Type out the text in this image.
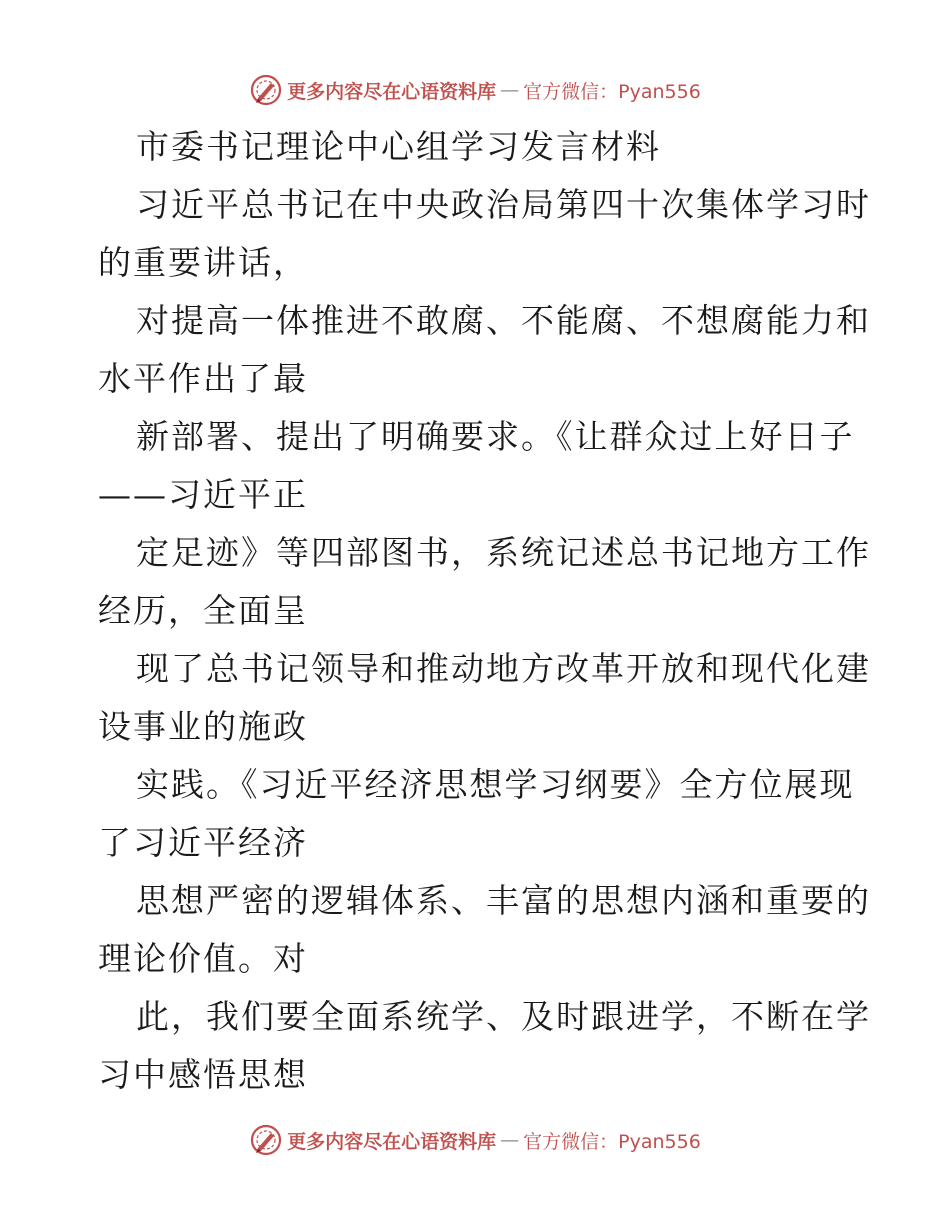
更多内容尽在心语资料库 — 官方微信：Pyan556
市委书记理论中心组学习发言材料
习近平总书记在中央政治局第四十次集体学习时
的重要讲话，
对提高一体推进不敢腐、不能腐、不想腐能力和
水平作出了最
新部署、提出了明确要求。《让群众过上好日子
——习近平正
定足迹》等四部图书，系统记述总书记地方工作
经历，全面呈
现了总书记领导和推动地方改革开放和现代化建
设事业的施政
实践。《习近平经济思想学习纲要》全方位展现
了习近平经济
思想严密的逻辑体系、丰富的思想内涵和重要的
理论价值。对
此，我们要全面系统学、及时跟进学，不断在学
习中感悟思想
更多内容尽在心语资料库 — 官方微信：Pyan556
